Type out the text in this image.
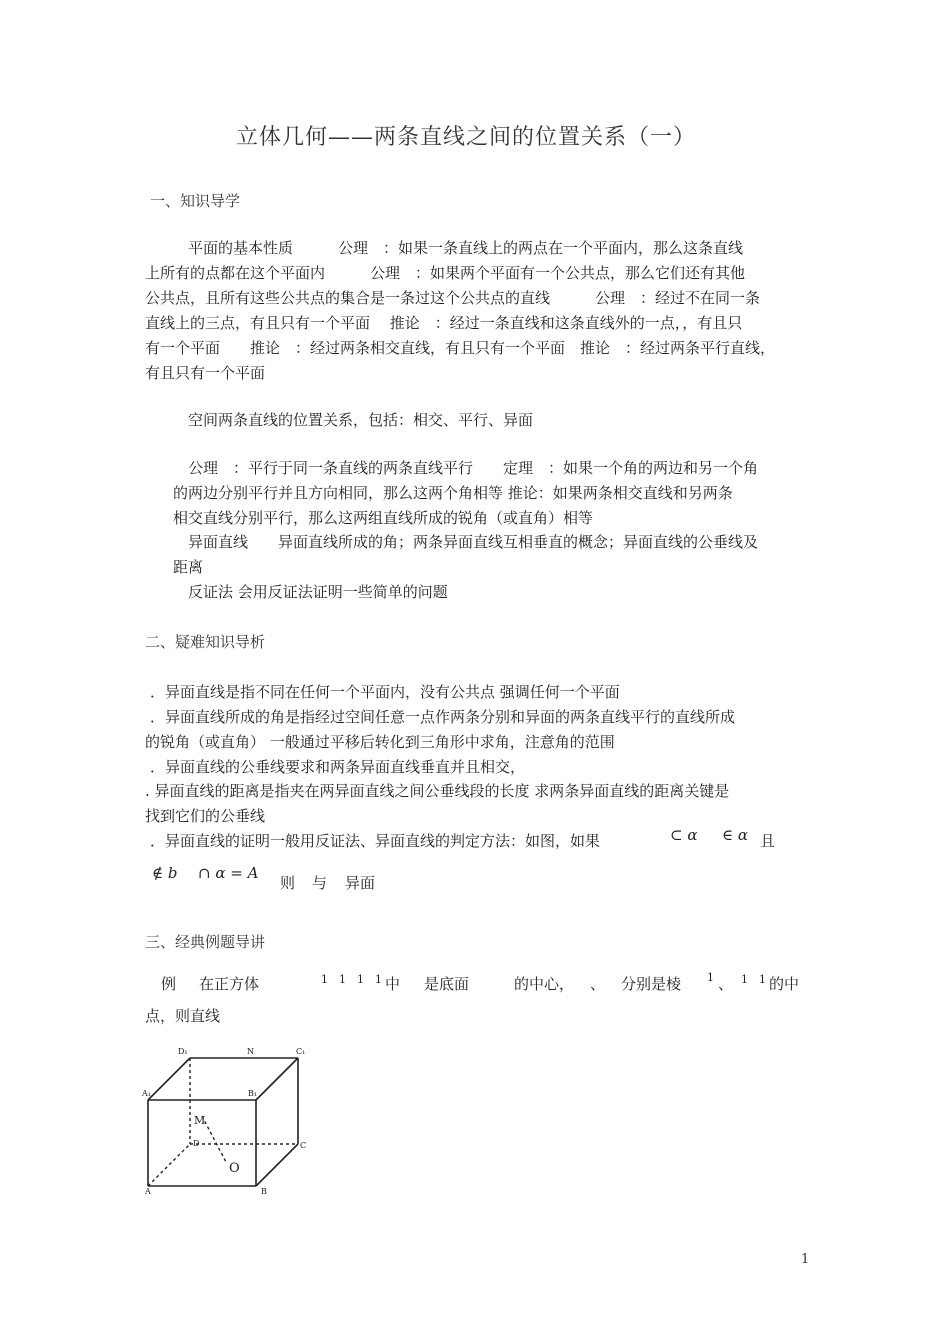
立体几何——两条直线之间的位置关系（一）
一、知识导学
平面的基本性质　　　公理　：如果一条直线上的两点在一个平面内，那么这条直线
上所有的点都在这个平面内　　　公理　：如果两个平面有一个公共点，那么它们还有其他
公共点，且所有这些公共点的集合是一条过这个公共点的直线　　　公理　：经过不在同一条
直线上的三点，有且只有一个平面　 推论　：经过一条直线和这条直线外的一点，，有且只
有一个平面　　推论　：经过两条相交直线，有且只有一个平面　推论　：经过两条平行直线，
有且只有一个平面
空间两条直线的位置关系，包括：相交、平行、异面
公理　：平行于同一条直线的两条直线平行　　定理　：如果一个角的两边和另一个角
的两边分别平行并且方向相同，那么这两个角相等 推论：如果两条相交直线和另两条
相交直线分别平行，那么这两组直线所成的锐角（或直角）相等
异面直线　　异面直线所成的角；两条异面直线互相垂直的概念；异面直线的公垂线及
距离
反证法 会用反证法证明一些简单的问题
二、疑难知识导析
．异面直线是指不同在任何一个平面内，没有公共点 强调任何一个平面
．异面直线所成的角是指经过空间任意一点作两条分别和异面的两条直线平行的直线所成
的锐角（或直角） 一般通过平移后转化到三角形中求角，注意角的范围
．异面直线的公垂线要求和两条异面直线垂直并且相交，
. 异面直线的距离是指夹在两异面直线之间公垂线段的长度 求两条异面直线的距离关键是
找到它们的公垂线
．异面直线的证明一般用反证法、异面直线的判定方法：如图，如果	⊂ α ∈ α 且
∉ b ∩ α = A
则 与 异面
三、经典例题导讲
例 在正方体	1　1　1　1 中 是底面	的中心， 、 分别是棱 1 、 1　1 的中
点，则直线
D₁	N	C₁
A₁	B₁
M
D	C
O
A	B
1
